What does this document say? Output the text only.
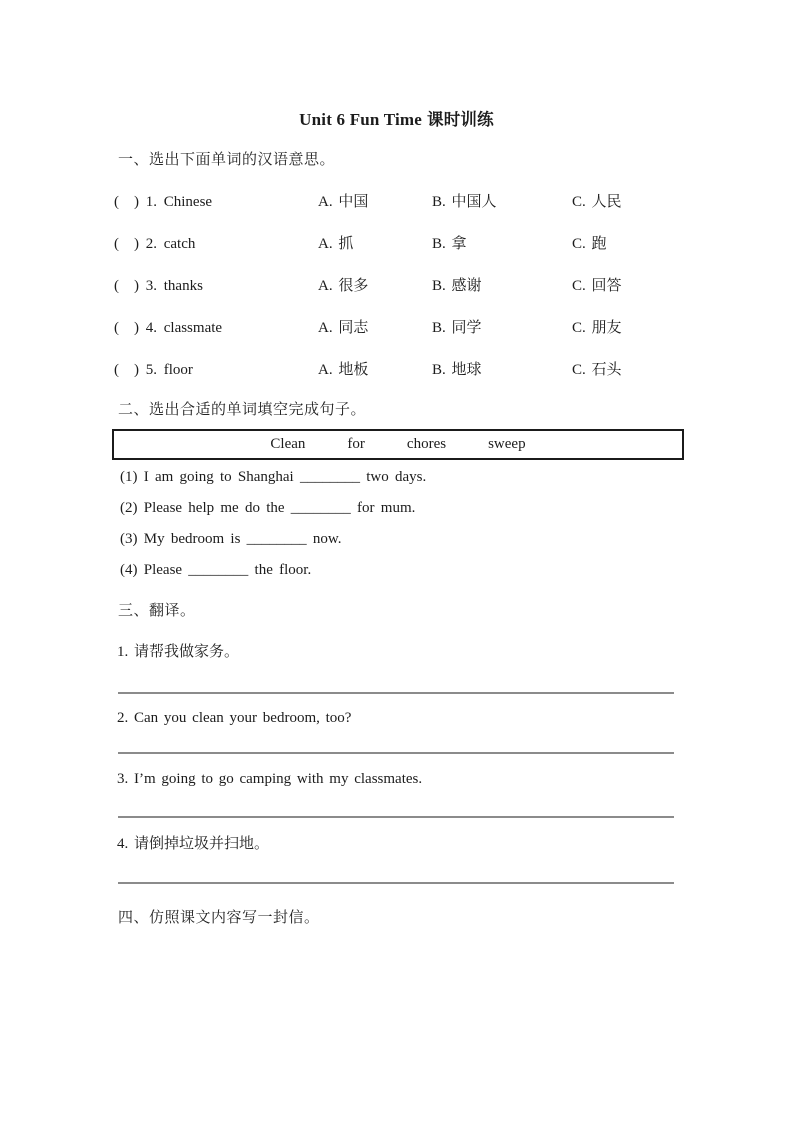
Unit 6 Fun Time 课时训练
一、选出下面单词的汉语意思。
(　) 1. Chinese	A. 中国	B. 中国人	C. 人民
(　) 2. catch	A. 抓	B. 拿	C. 跑
(　) 3. thanks	A. 很多	B. 感谢	C. 回答
(　) 4. classmate	A. 同志	B. 同学	C. 朋友
(　) 5. floor	A. 地板	B. 地球	C. 石头
二、选出合适的单词填空完成句子。
Clean	for	chores	sweep
(1) I am going to Shanghai ________ two days.
(2) Please help me do the ________ for mum.
(3) My bedroom is ________ now.
(4) Please ________ the floor.
三、翻译。
1. 请帮我做家务。
2. Can you clean your bedroom, too?
3. I’m going to go camping with my classmates.
4. 请倒掉垃圾并扫地。
四、仿照课文内容写一封信。
